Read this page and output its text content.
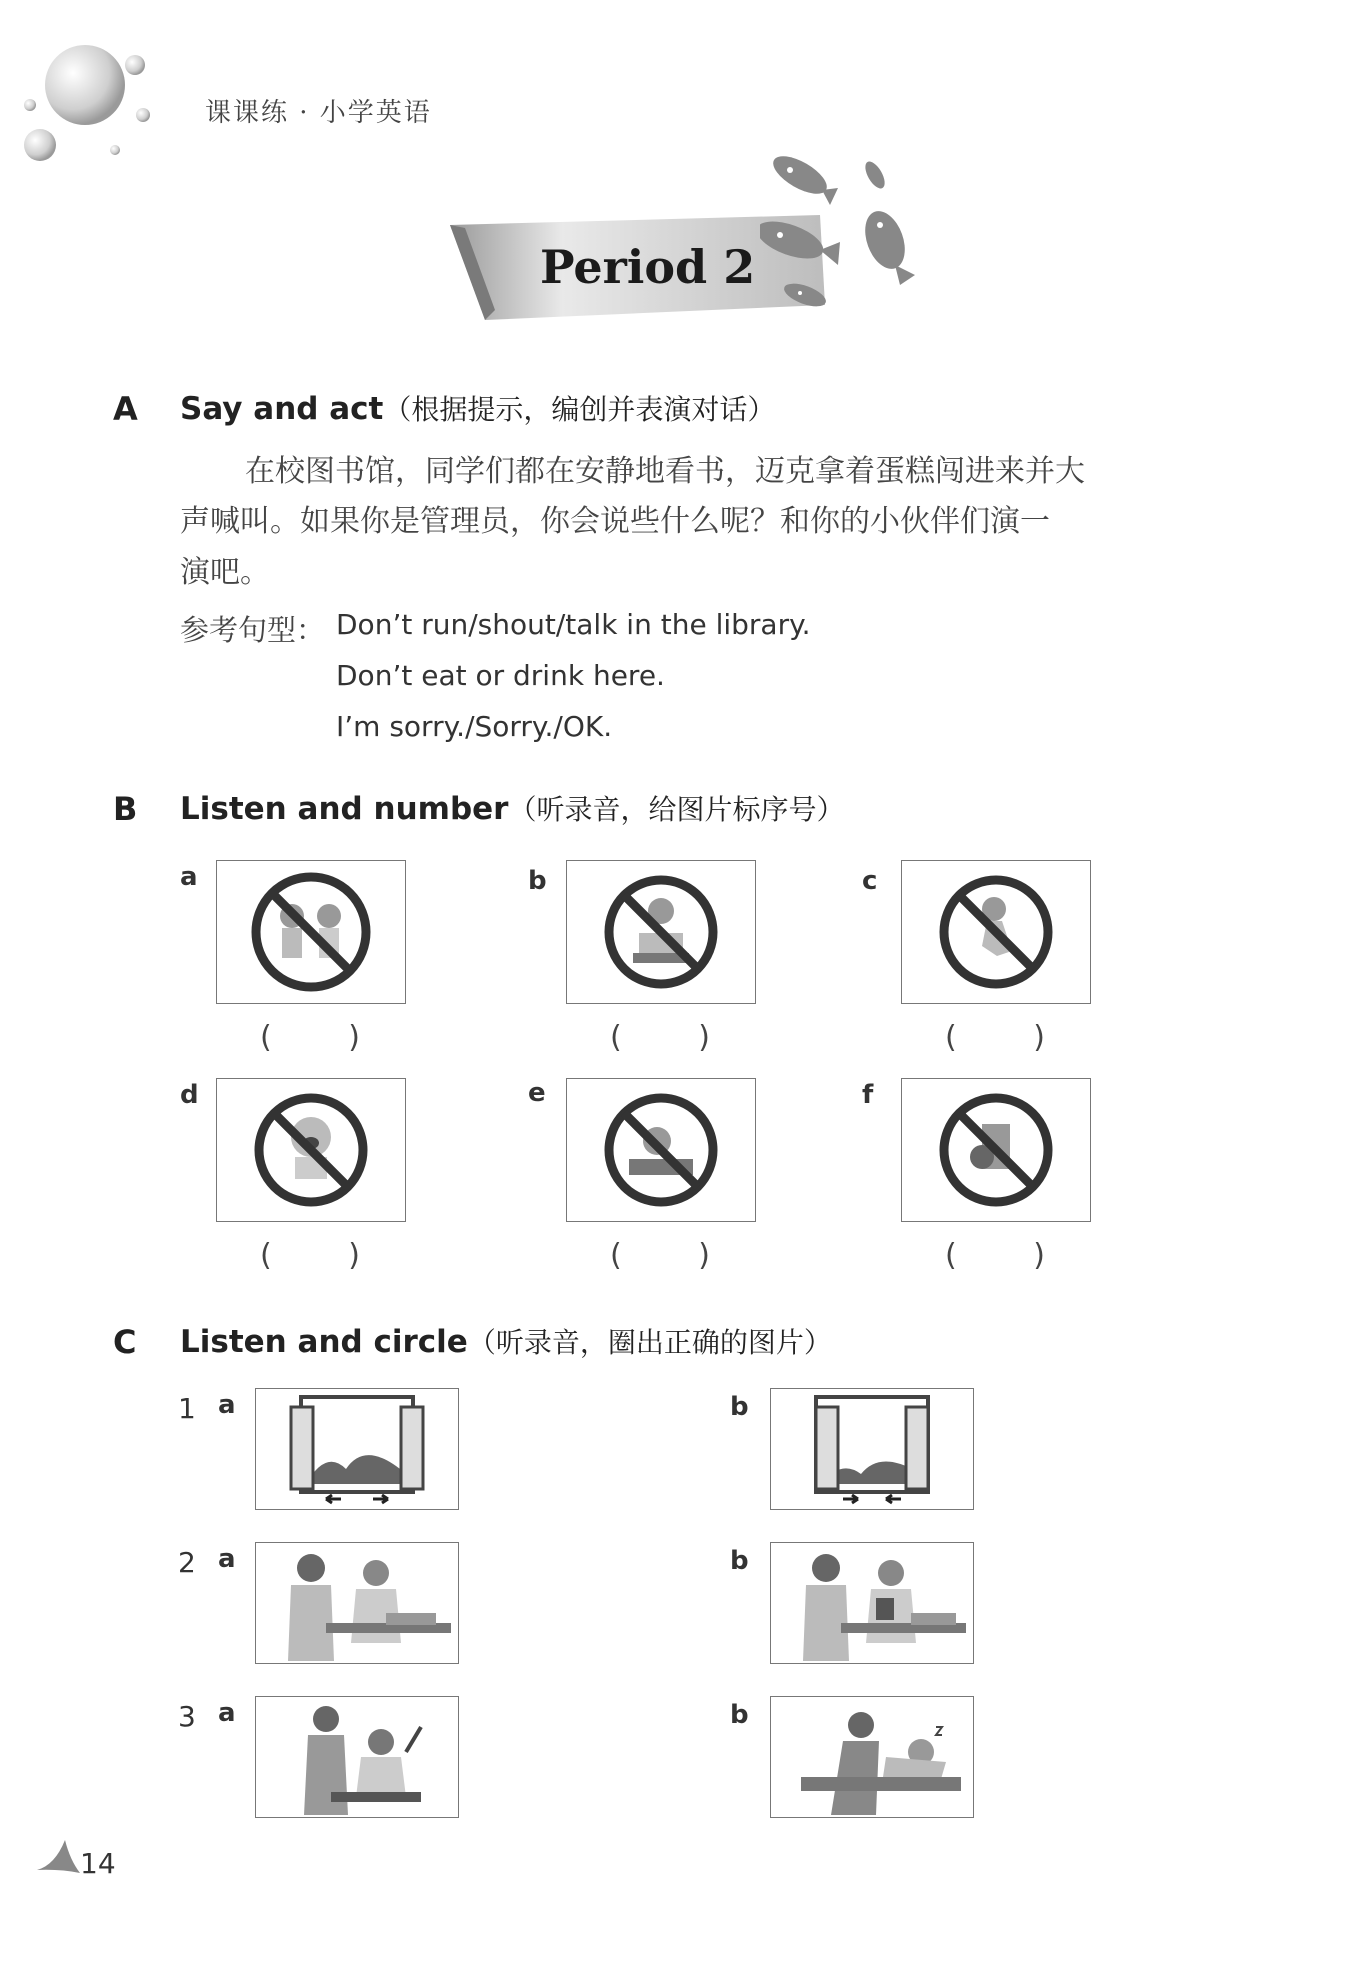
课课练 · 小学英语
Period 2
A Say and act（根据提示，编创并表演对话）
在校图书馆，同学们都在安静地看书，迈克拿着蛋糕闯进来并大
声喊叫。如果你是管理员，你会说些什么呢？和你的小伙伴们演一
演吧。
参考句型： Don’t run/shout/talk in the library.
Don’t eat or drink here.
I’m sorry./Sorry./OK.
B Listen and number（听录音，给图片标序号）
a	b	c
(	)	(	)	(	)
d	e	f
(	)	(	)	(	)
C Listen and circle（听录音，圈出正确的图片）
1 a	b
2 a	b
3 a	b
14
